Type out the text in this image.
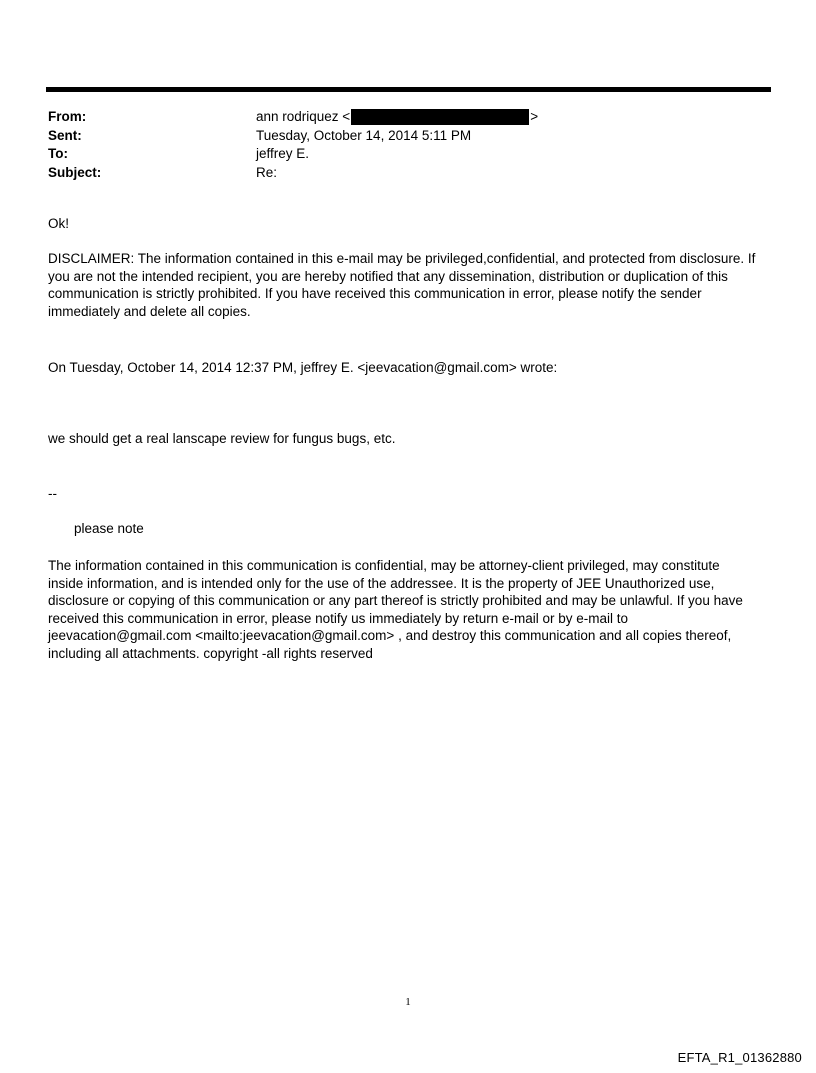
From:	ann rodriquez <	>
Sent:	Tuesday, October 14, 2014 5:11 PM
To:	jeffrey E.
Subject:	Re:
Ok!
DISCLAIMER: The information contained in this e-mail may be privileged,confidential, and protected from disclosure. If you are not the intended recipient, you are hereby notified that any dissemination, distribution or duplication of this communication is strictly prohibited. If you have received this communication in error, please notify the sender immediately and delete all copies.
On Tuesday, October 14, 2014 12:37 PM, jeffrey E. <jeevacation@gmail.com> wrote:
we should get a real lanscape review for fungus bugs, etc.
--
please note
The information contained in this communication is confidential, may be attorney-client privileged, may constitute inside information, and is intended only for the use of the addressee. It is the property of JEE Unauthorized use, disclosure or copying of this communication or any part thereof is strictly prohibited and may be unlawful. If you have received this communication in error, please notify us immediately by return e-mail or by e-mail to jeevacation@gmail.com <mailto:jeevacation@gmail.com> , and destroy this communication and all copies thereof, including all attachments. copyright -all rights reserved
1
EFTA_R1_01362880
